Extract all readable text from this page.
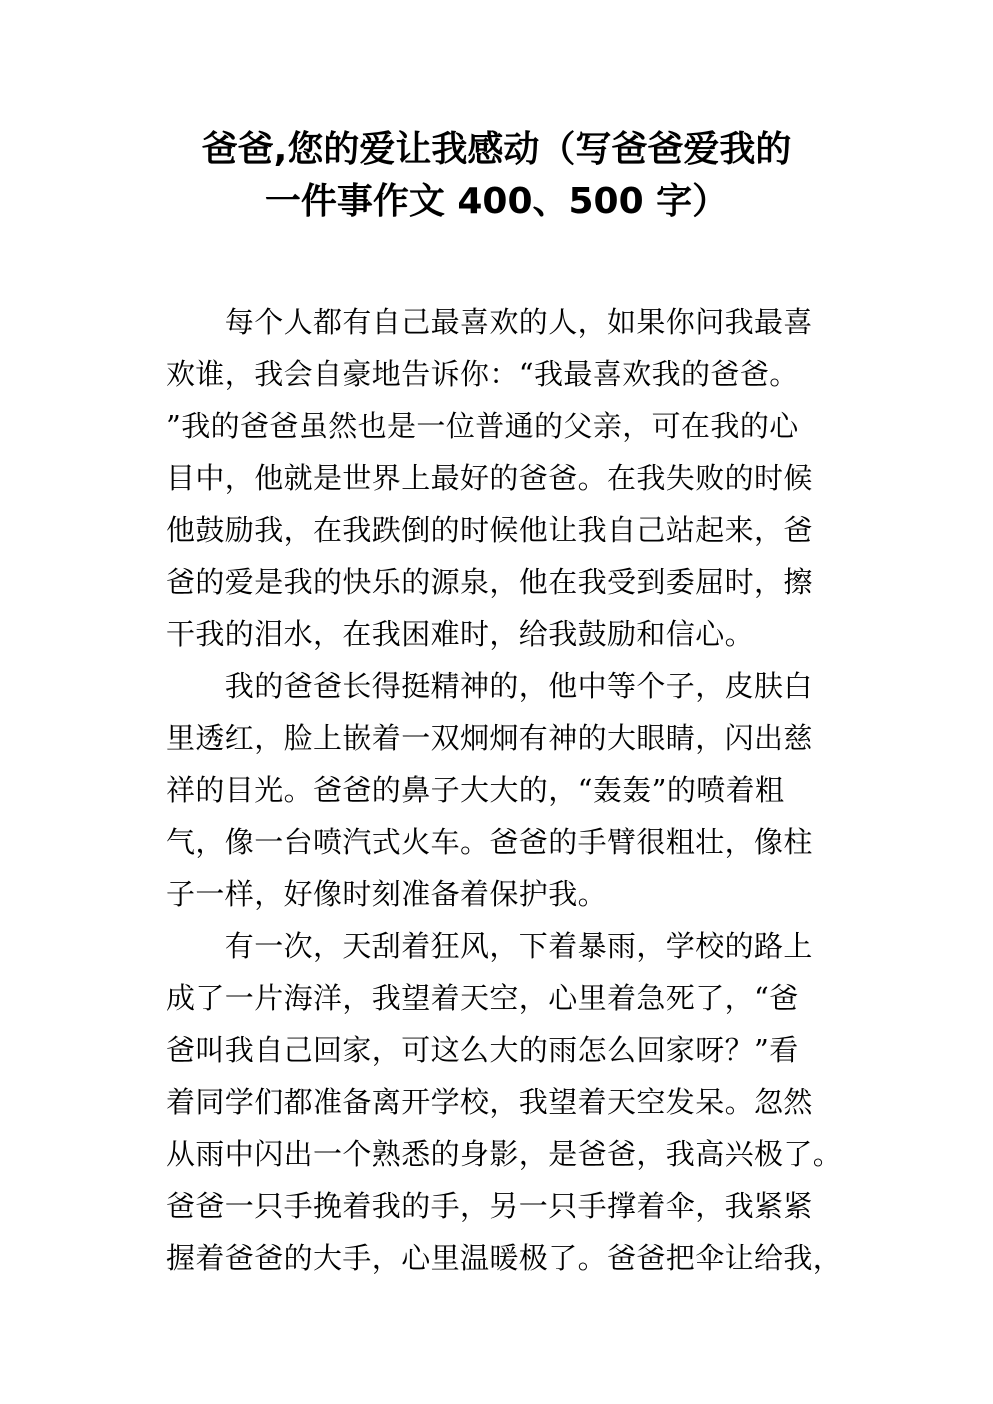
爸爸,您的爱让我感动（写爸爸爱我的
一件事作文 400、500 字）
　　每个人都有自己最喜欢的人，如果你问我最喜
欢谁，我会自豪地告诉你：“我最喜欢我的爸爸。
”我的爸爸虽然也是一位普通的父亲，可在我的心
目中，他就是世界上最好的爸爸。在我失败的时候
他鼓励我，在我跌倒的时候他让我自己站起来，爸
爸的爱是我的快乐的源泉，他在我受到委屈时，擦
干我的泪水，在我困难时，给我鼓励和信心。
　　我的爸爸长得挺精神的，他中等个子，皮肤白
里透红，脸上嵌着一双炯炯有神的大眼睛，闪出慈
祥的目光。爸爸的鼻子大大的，“轰轰”的喷着粗
气，像一台喷汽式火车。爸爸的手臂很粗壮，像柱
子一样，好像时刻准备着保护我。
　　有一次，天刮着狂风，下着暴雨，学校的路上
成了一片海洋，我望着天空，心里着急死了，“爸
爸叫我自己回家，可这么大的雨怎么回家呀？”看
着同学们都准备离开学校，我望着天空发呆。忽然
从雨中闪出一个熟悉的身影，是爸爸，我高兴极了。
爸爸一只手挽着我的手，另一只手撑着伞，我紧紧
握着爸爸的大手，心里温暖极了。爸爸把伞让给我，
